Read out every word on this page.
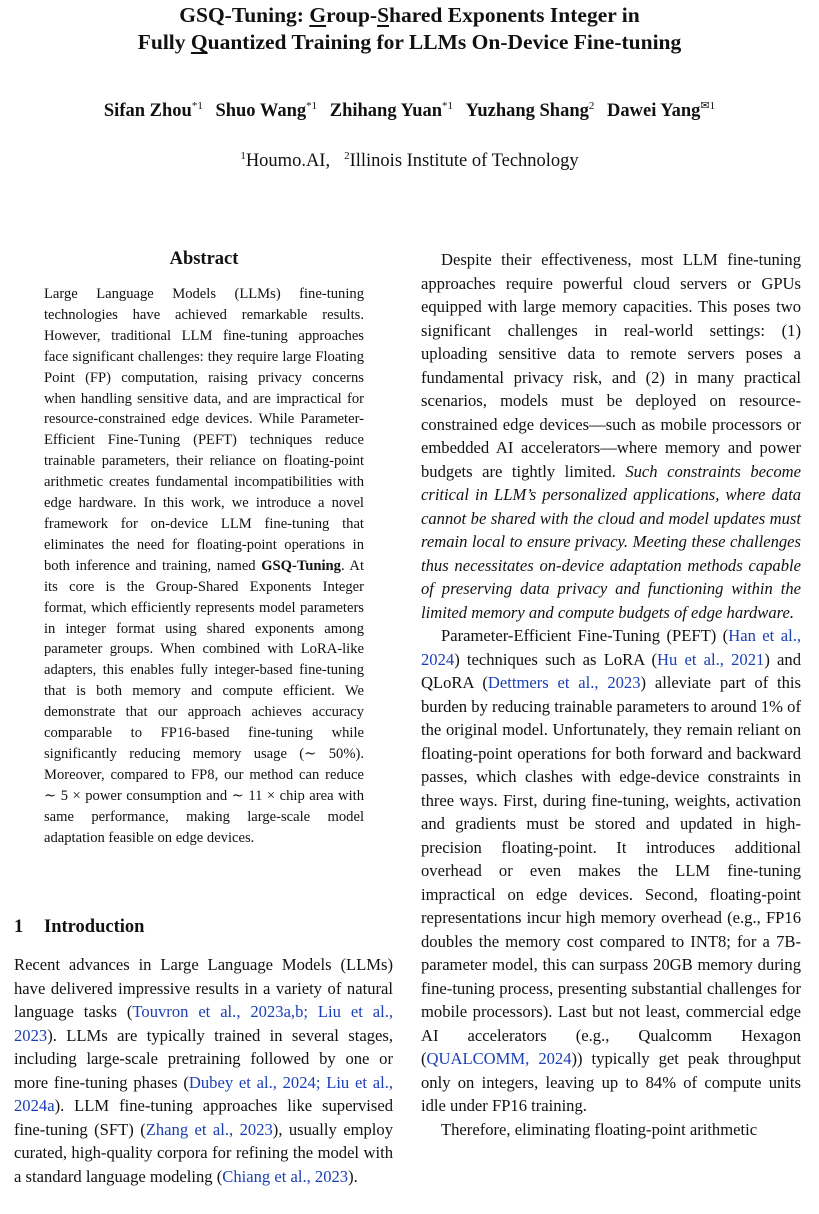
GSQ-Tuning: Group-Shared Exponents Integer in
Fully Quantized Training for LLMs On-Device Fine-tuning
Sifan Zhou$^{*1}$ Shuo Wang$^{*1}$ Zhihang Yuan$^{*1}$ Yuzhang Shang$^2$ Dawei Yang$^{✉1}$
$^1$Houmo.AI, $^2$Illinois Institute of Technology
Abstract
Large Language Models (LLMs) fine-tuning technologies have achieved remarkable results. However, traditional LLM fine-tuning approaches face significant challenges: they require large Floating Point (FP) computation, raising privacy concerns when handling sensitive data, and are impractical for resource-constrained edge devices. While Parameter-Efficient Fine-Tuning (PEFT) techniques reduce trainable parameters, their reliance on floating-point arithmetic creates fundamental incompatibilities with edge hardware. In this work, we introduce a novel framework for on-device LLM fine-tuning that eliminates the need for floating-point operations in both inference and training, named GSQ-Tuning. At its core is the Group-Shared Exponents Integer format, which efficiently represents model parameters in integer format using shared exponents among parameter groups. When combined with LoRA-like adapters, this enables fully integer-based fine-tuning that is both memory and compute efficient. We demonstrate that our approach achieves accuracy comparable to FP16-based fine-tuning while significantly reducing memory usage (∼ 50%). Moreover, compared to FP8, our method can reduce ∼ 5 × power consumption and ∼ 11 × chip area with same performance, making large-scale model adaptation feasible on edge devices.
1 Introduction
Recent advances in Large Language Models (LLMs) have delivered impressive results in a variety of natural language tasks (Touvron et al., 2023a,b; Liu et al., 2023). LLMs are typically trained in several stages, including large-scale pretraining followed by one or more fine-tuning phases (Dubey et al., 2024; Liu et al., 2024a). LLM fine-tuning approaches like supervised fine-tuning (SFT) (Zhang et al., 2023), usually employ curated, high-quality corpora for refining the model with a standard language modeling (Chiang et al., 2023).

Despite their effectiveness, most LLM fine-tuning approaches require powerful cloud servers or GPUs equipped with large memory capacities. This poses two significant challenges in real-world settings: (1) uploading sensitive data to remote servers poses a fundamental privacy risk, and (2) in many practical scenarios, models must be deployed on resource-constrained edge devices—such as mobile processors or embedded AI accelerators—where memory and power budgets are tightly limited. Such constraints become critical in LLM’s personalized applications, where data cannot be shared with the cloud and model updates must remain local to ensure privacy. Meeting these challenges thus necessitates on-device adaptation methods capable of preserving data privacy and functioning within the limited memory and compute budgets of edge hardware.

Parameter-Efficient Fine-Tuning (PEFT) (Han et al., 2024) techniques such as LoRA (Hu et al., 2021) and QLoRA (Dettmers et al., 2023) alleviate part of this burden by reducing trainable parameters to around 1% of the original model. Unfortunately, they remain reliant on floating-point operations for both forward and backward passes, which clashes with edge-device constraints in three ways. First, during fine-tuning, weights, activation and gradients must be stored and updated in high-precision floating-point. It introduces additional overhead or even makes the LLM fine-tuning impractical on edge devices. Second, floating-point representations incur high memory overhead (e.g., FP16 doubles the memory cost compared to INT8; for a 7B-parameter model, this can surpass 20GB memory during fine-tuning process, presenting substantial challenges for mobile processors). Last but not least, commercial edge AI accelerators (e.g., Qualcomm Hexagon (QUALCOMM, 2024)) typically get peak throughput only on integers, leaving up to 84% of compute units idle under FP16 training.

Therefore, eliminating floating-point arithmetic
